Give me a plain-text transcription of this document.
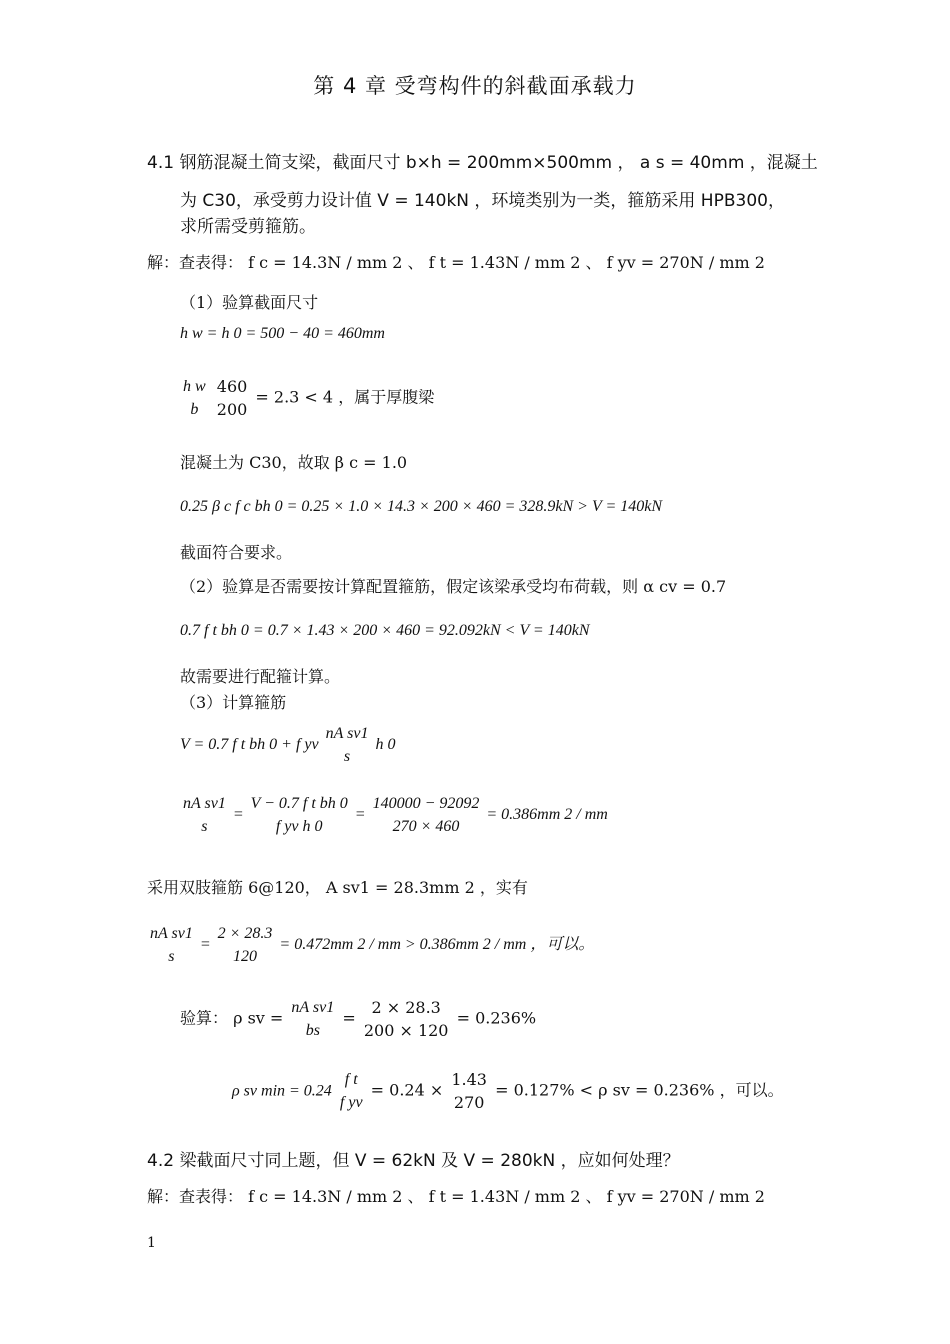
第 4 章 受弯构件的斜截面承载力
4.1 钢筋混凝土简支梁，截面尺寸 b×h = 200mm×500mm ， a s = 40mm ，混凝土
为 C30，承受剪力设计值 V = 140kN ，环境类别为一类，箍筋采用 HPB300，
求所需受剪箍筋。
解：查表得： f c = 14.3N / mm 2 、 f t = 1.43N / mm 2 、 f yv = 270N / mm 2
（1）验算截面尺寸
h w = h 0 = 500 − 40 = 460mm
h w
b

460
200
= 2.3 < 4 ，属于厚腹梁
混凝土为 C30，故取 β c = 1.0
0.25 β c f c bh 0 = 0.25 × 1.0 × 14.3 × 200 × 460 = 328.9kN > V = 140kN
截面符合要求。
（2）验算是否需要按计算配置箍筋，假定该梁承受均布荷载，则 α cv = 0.7
0.7 f t bh 0 = 0.7 × 1.43 × 200 × 460 = 92.092kN < V = 140kN
故需要进行配箍计算。
（3）计算箍筋
V = 0.7 f t bh 0 + f yv
nA sv1
s
h 0
nA sv1
s
=
V − 0.7 f t bh 0
f yv h 0
=
140000 − 92092
270 × 460
= 0.386mm 2 / mm
采用双肢箍筋 6@120， A sv1 = 28.3mm 2 ，实有
nA sv1
s
=
2 × 28.3
120
= 0.472mm 2 / mm > 0.386mm 2 / mm ，可以。
验算： ρ sv =
nA sv1
bs
=
2 × 28.3
200 × 120
= 0.236%
ρ sv min = 0.24
f t
f yv
= 0.24 ×
1.43
270
= 0.127% < ρ sv = 0.236% ，可以。
4.2 梁截面尺寸同上题，但 V = 62kN 及 V = 280kN ，应如何处理？
解：查表得： f c = 14.3N / mm 2 、 f t = 1.43N / mm 2 、 f yv = 270N / mm 2
1
